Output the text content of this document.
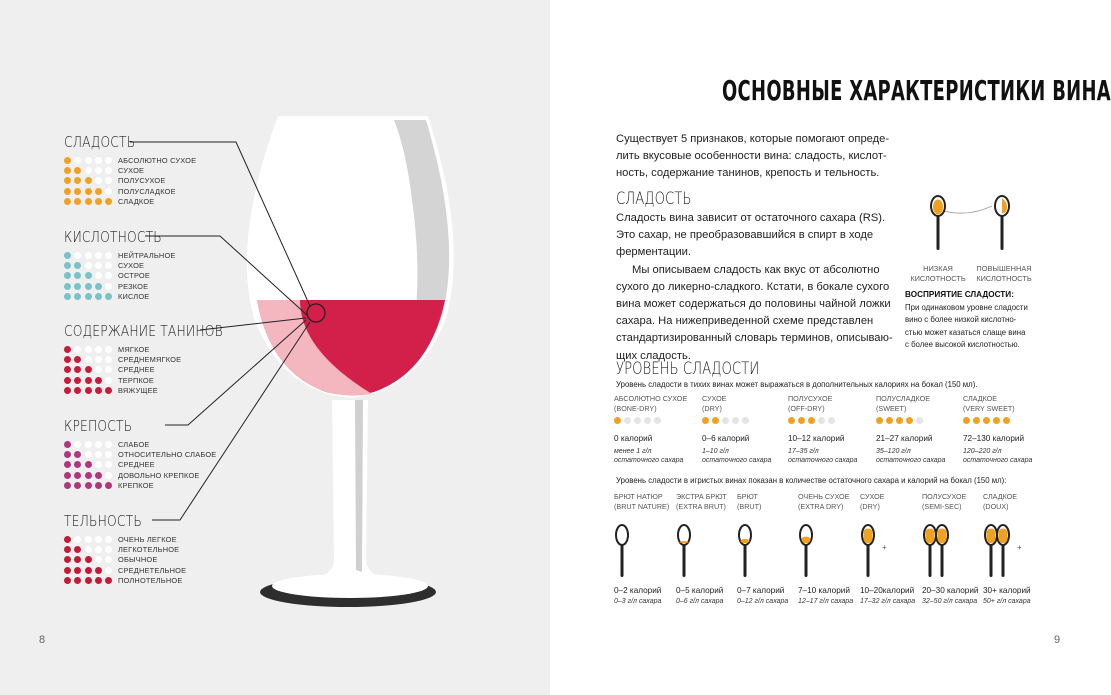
СЛАДОСТЬ
АБСОЛЮТНО СУХОЕ
СУХОЕ
ПОЛУСУХОЕ
ПОЛУСЛАДКОЕ
СЛАДКОЕ
КИСЛОТНОСТЬ
НЕЙТРАЛЬНОЕ
СУХОЕ
ОСТРОЕ
РЕЗКОЕ
КИСЛОЕ
СОДЕРЖАНИЕ ТАНИНОВ
МЯГКОЕ
СРЕДНЕМЯГКОЕ
СРЕДНЕЕ
ТЕРПКОЕ
ВЯЖУЩЕЕ
КРЕПОСТЬ
СЛАБОЕ
ОТНОСИТЕЛЬНО СЛАБОЕ
СРЕДНЕЕ
ДОВОЛЬНО КРЕПКОЕ
КРЕПКОЕ
ТЕЛЬНОСТЬ
ОЧЕНЬ ЛЕГКОЕ
ЛЕГКОТЕЛЬНОЕ
ОБЫЧНОЕ
СРЕДНЕТЕЛЬНОЕ
ПОЛНОТЕЛЬНОЕ
8
ОСНОВНЫЕ ХАРАКТЕРИСТИКИ ВИНА
Существует 5 признаков, которые помогают опреде-
лить вкусовые особенности вина: сладость, кислот-
ность, содержание танинов, крепость и тельность.
СЛАДОСТЬ
Сладость вина зависит от остаточного сахара (RS).
Это сахар, не преобразовавшийся в спирт в ходе
ферментации.
Мы описываем сладость как вкус от абсолютно
сухого до ликерно-сладкого. Кстати, в бокале сухого
вина может содержаться до половины чайной ложки
сахара. На нижеприведенной схеме представлен
стандартизированный словарь терминов, описываю-
щих сладость.
НИЗКАЯ
КИСЛОТНОСТЬ
ПОВЫШЕННАЯ
КИСЛОТНОСТЬ
ВОСПРИЯТИЕ СЛАДОСТИ:
При одинаковом уровне сладости
вино с более низкой кислотно-
стью может казаться слаще вина
с более высокой кислотностью.
УРОВЕНЬ СЛАДОСТИ
Уровень сладости в тихих винах может выражаться в дополнительных калориях на бокал (150 мл).
АБСОЛЮТНО СУХОЕ
(BONE-DRY)
0 калорий
менее 1 г/л
остаточного сахара
СУХОЕ
(DRY)
0–6 калорий
1–10 г/л
остаточного сахара
ПОЛУСУХОЕ
(OFF-DRY)
10–12 калорий
17–35 г/л
остаточного сахара
ПОЛУСЛАДКОЕ
(SWEET)
21–27 калорий
35–120 г/л
остаточного сахара
СЛАДКОЕ
(VERY SWEET)
72–130 калорий
120–220 г/л
остаточного сахара
Уровень сладости в игристых винах показан в количестве остаточного сахара и калорий на бокал (150 мл):
БРЮТ НАТЮР
(BRUT NATURE)
0–2 калорий
0–3 г/л сахара
ЭКСТРА БРЮТ
(EXTRA BRUT)
0–5 калорий
0–6 г/л сахара
БРЮТ
(BRUT)
0–7 калорий
0–12 г/л сахара
ОЧЕНЬ СУХОЕ
(EXTRA DRY)
7–10 калорий
12–17 г/л сахара
СУХОЕ
(DRY)
10–20калорий
17–32 г/л сахара
ПОЛУСУХОЕ
(SEMI-SEC)
20–30 калорий
32–50 г/л сахара
СЛАДКОЕ
(DOUX)
30+ калорий
50+ г/л сахара
9
+	+
